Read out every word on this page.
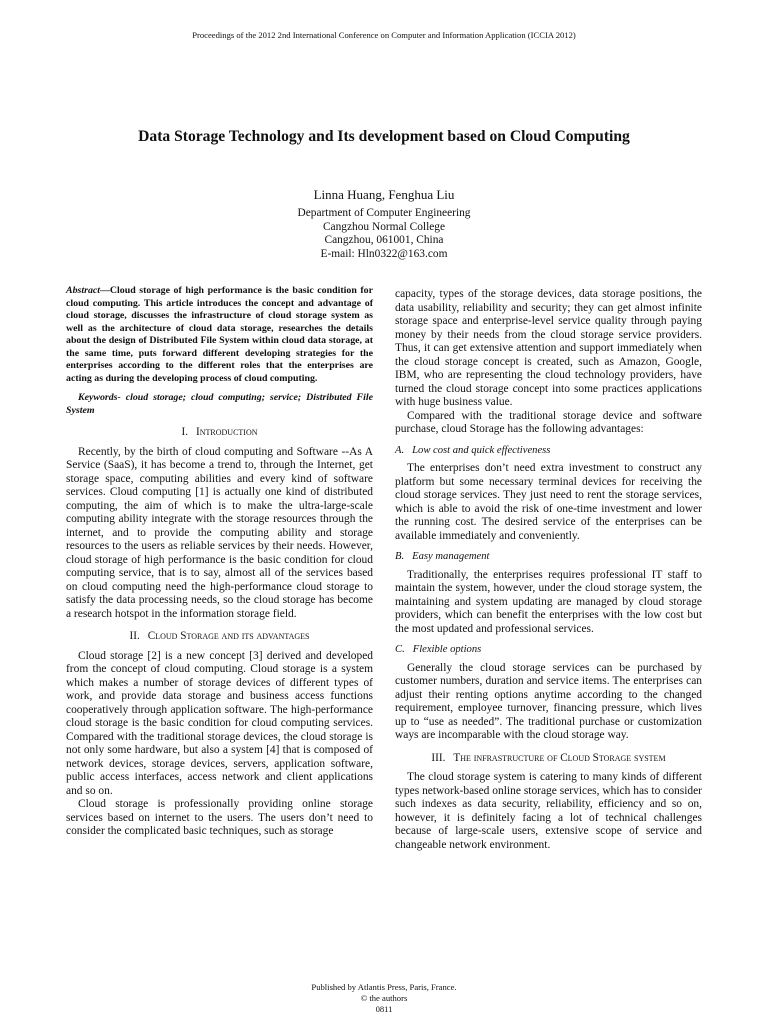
Proceedings of the 2012 2nd International Conference on Computer and Information Application (ICCIA 2012)
Data Storage Technology and Its development based on Cloud Computing
Linna Huang, Fenghua Liu
Department of Computer Engineering
Cangzhou Normal College
Cangzhou, 061001, China
E-mail: Hln0322@163.com

Abstract—Cloud storage of high performance is the basic condition for cloud computing. This article introduces the concept and advantage of cloud storage, discusses the infrastructure of cloud storage system as well as the architecture of cloud data storage, researches the details about the design of Distributed File System within cloud data storage, at the same time, puts forward different developing strategies for the enterprises according to the different roles that the enterprises are acting as during the developing process of cloud computing.

Keywords- cloud storage; cloud computing; service; Distributed File System

I. Introduction

Recently, by the birth of cloud computing and Software --As A Service (SaaS), it has become a trend to, through the Internet, get storage space, computing abilities and every kind of software services. Cloud computing [1] is actually one kind of distributed computing, the aim of which is to make the ultra-large-scale computing ability integrate with the storage resources through the internet, and to provide the computing ability and storage resources to the users as reliable services by their needs. However, cloud storage of high performance is the basic condition for cloud computing service, that is to say, almost all of the services based on cloud computing need the high-performance cloud storage to satisfy the data processing needs, so the cloud storage has become a research hotspot in the information storage field.

II. Cloud Storage and its advantages

Cloud storage [2] is a new concept [3] derived and developed from the concept of cloud computing. Cloud storage is a system which makes a number of storage devices of different types of work, and provide data storage and business access functions cooperatively through application software. The high-performance cloud storage is the basic condition for cloud computing services. Compared with the traditional storage devices, the cloud storage is not only some hardware, but also a system [4] that is composed of network devices, storage devices, servers, application software, public access interfaces, access network and client applications and so on.

Cloud storage is professionally providing online storage services based on internet to the users. The users don’t need to consider the complicated basic techniques, such as storage

capacity, types of the storage devices, data storage positions, the data usability, reliability and security; they can get almost infinite storage space and enterprise-level service quality through paying money by their needs from the cloud storage service providers. Thus, it can get extensive attention and support immediately when the cloud storage concept is created, such as Amazon, Google, IBM, who are representing the cloud technology providers, have turned the cloud storage concept into some practices applications with huge business value.

Compared with the traditional storage device and software purchase, cloud Storage has the following advantages:

A. Low cost and quick effectiveness

The enterprises don’t need extra investment to construct any platform but some necessary terminal devices for receiving the cloud storage services. They just need to rent the storage services, which is able to avoid the risk of one-time investment and lower the running cost. The desired service of the enterprises can be available immediately and conveniently.

B. Easy management

Traditionally, the enterprises requires professional IT staff to maintain the system, however, under the cloud storage system, the maintaining and system updating are managed by cloud storage providers, which can benefit the enterprises with the low cost but the most updated and professional services.

C. Flexible options

Generally the cloud storage services can be purchased by customer numbers, duration and service items. The enterprises can adjust their renting options anytime according to the changed requirement, employee turnover, financing pressure, which lives up to “use as needed”. The traditional purchase or customization ways are incomparable with the cloud storage way.

III. The infrastructure of Cloud Storage system

The cloud storage system is catering to many kinds of different types network-based online storage services, which has to consider such indexes as data security, reliability, efficiency and so on, however, it is definitely facing a lot of technical challenges because of large-scale users, extensive scope of service and changeable network environment.

Published by Atlantis Press, Paris, France.
© the authors
0811
